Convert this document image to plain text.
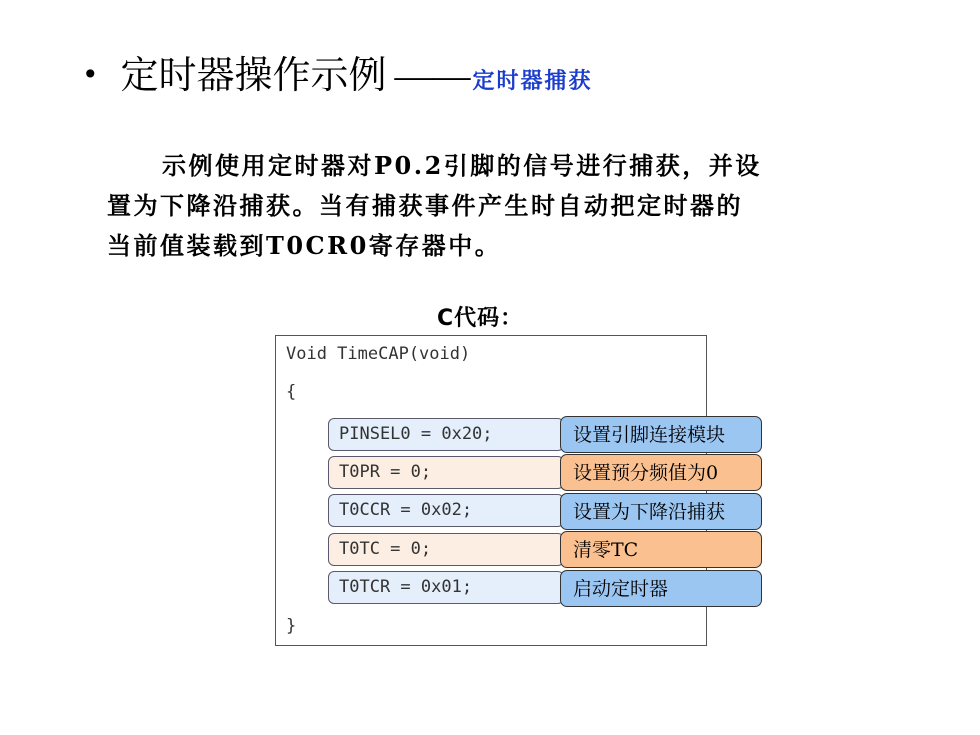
• 定时器操作示例 —— 定时器捕获
示例使用定时器对P0.2引脚的信号进行捕获，并设
置为下降沿捕获。当有捕获事件产生时自动把定时器的
当前值装载到T0CR0寄存器中。
C代码：
Void TimeCAP(void)
{
}
PINSEL0 = 0x20;	设置引脚连接模块
T0PR = 0;	设置预分频值为0
T0CCR = 0x02;	设置为下降沿捕获
T0TC = 0;	清零TC
T0TCR = 0x01;	启动定时器
